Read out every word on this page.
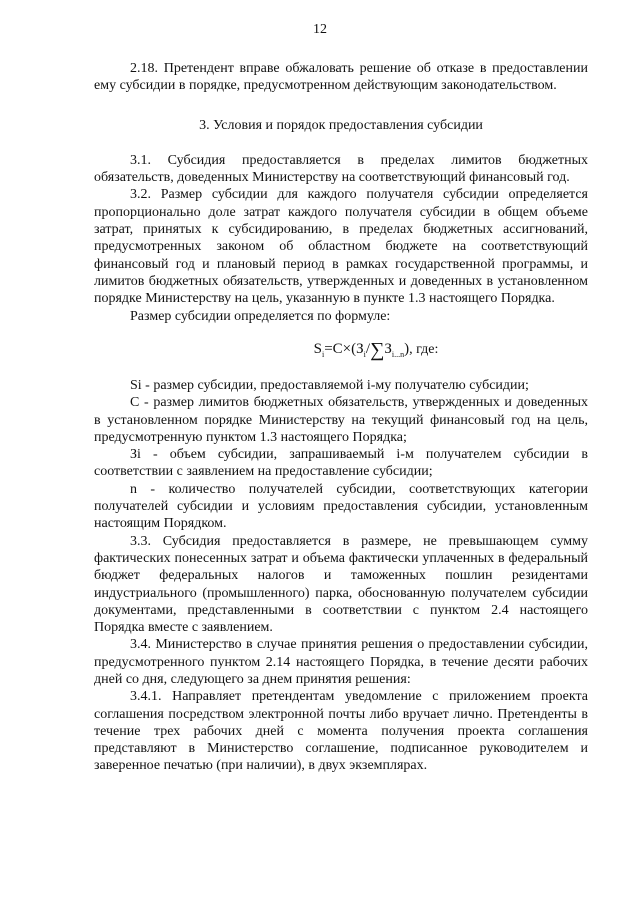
12

2.18. Претендент вправе обжаловать решение об отказе в предоставлении ему субсидии в порядке, предусмотренном действующим законодательством.

3. Условия и порядок предоставления субсидии

3.1. Субсидия предоставляется в пределах лимитов бюджетных обязательств, доведенных Министерству на соответствующий финансовый год.

3.2. Размер субсидии для каждого получателя субсидии определяется пропорционально доле затрат каждого получателя субсидии в общем объеме затрат, принятых к субсидированию, в пределах бюджетных ассигнований, предусмотренных законом об областном бюджете на соответствующий финансовый год и плановый период в рамках государственной программы, и лимитов бюджетных обязательств, утвержденных и доведенных в установленном порядке Министерству на цель, указанную в пункте 1.3 настоящего Порядка.

Размер субсидии определяется по формуле:

$S_i=C\times(З_i/\sum З_{i...n})$, где:

Si - размер субсидии, предоставляемой i-му получателю субсидии;

С - размер лимитов бюджетных обязательств, утвержденных и доведенных в установленном порядке Министерству на текущий финансовый год на цель, предусмотренную пунктом 1.3 настоящего Порядка;

Зi - объем субсидии, запрашиваемый i-м получателем субсидии в соответствии с заявлением на предоставление субсидии;

n - количество получателей субсидии, соответствующих категории получателей субсидии и условиям предоставления субсидии, установленным настоящим Порядком.

3.3. Субсидия предоставляется в размере, не превышающем сумму фактических понесенных затрат и объема фактически уплаченных в федеральный бюджет федеральных налогов и таможенных пошлин резидентами индустриального (промышленного) парка, обоснованную получателем субсидии документами, представленными в соответствии с пунктом 2.4 настоящего Порядка вместе с заявлением.

3.4. Министерство в случае принятия решения о предоставлении субсидии, предусмотренного пунктом 2.14 настоящего Порядка, в течение десяти рабочих дней со дня, следующего за днем принятия решения:

3.4.1. Направляет претендентам уведомление с приложением проекта соглашения посредством электронной почты либо вручает лично. Претенденты в течение трех рабочих дней с момента получения проекта соглашения представляют в Министерство соглашение, подписанное руководителем и заверенное печатью (при наличии), в двух экземплярах.
